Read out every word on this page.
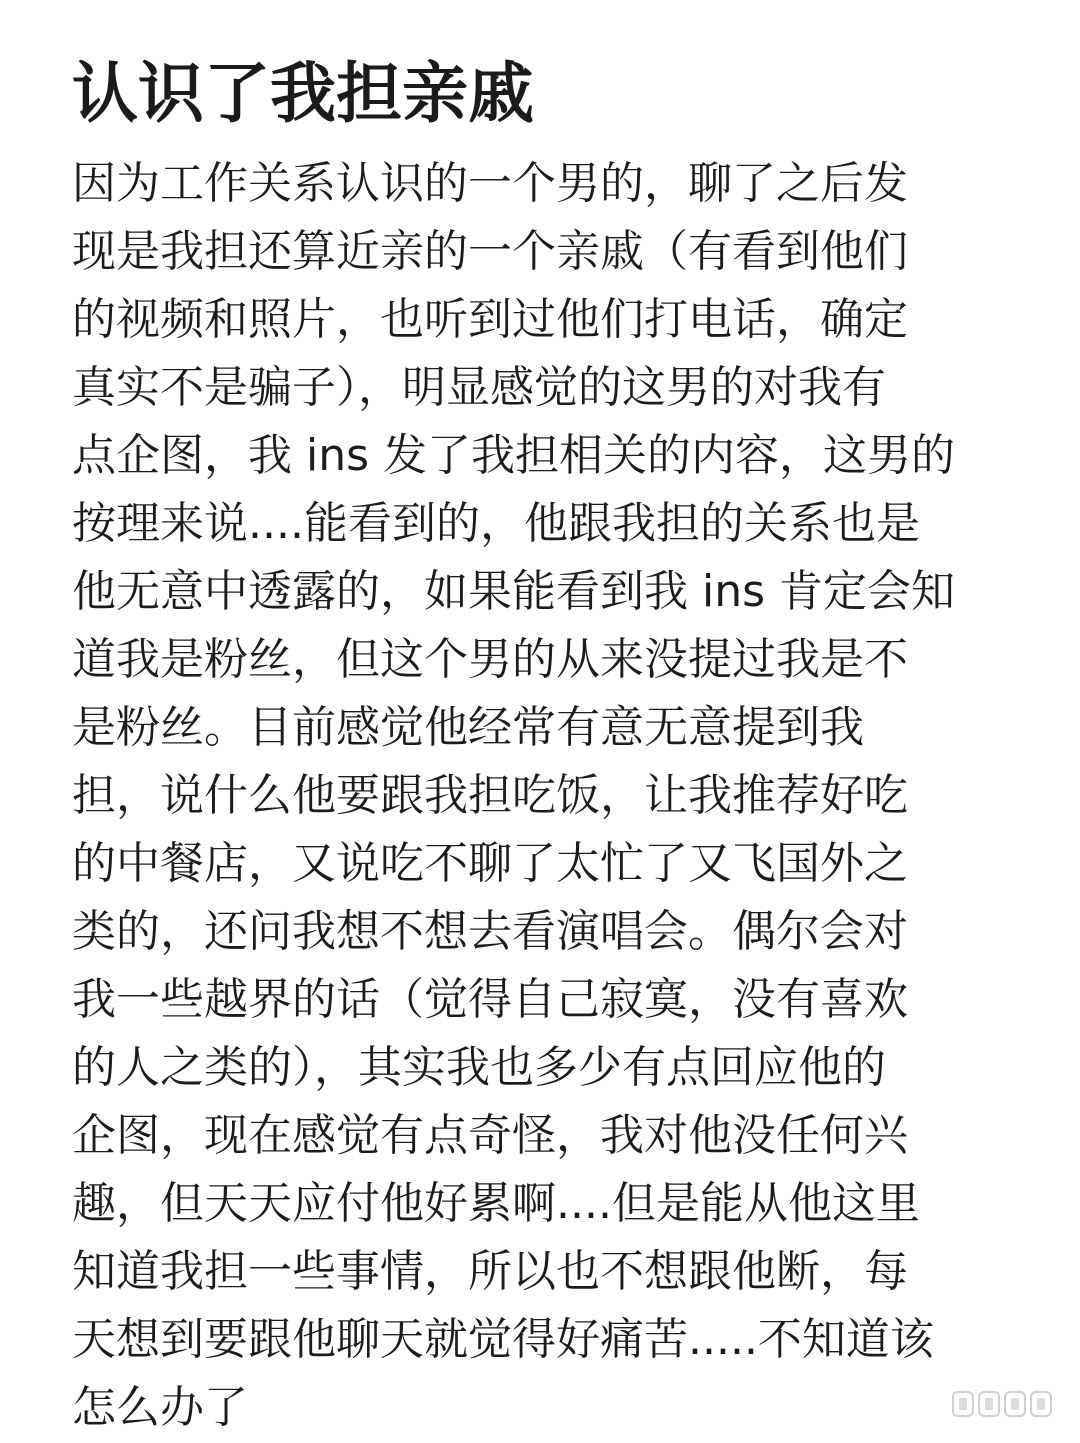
认识了我担亲戚
因为工作关系认识的一个男的，聊了之后发
现是我担还算近亲的一个亲戚（有看到他们
的视频和照片，也听到过他们打电话，确定
真实不是骗子），明显感觉的这男的对我有
点企图，我 ins 发了我担相关的内容，这男的
按理来说....能看到的，他跟我担的关系也是
他无意中透露的，如果能看到我 ins 肯定会知
道我是粉丝，但这个男的从来没提过我是不
是粉丝。目前感觉他经常有意无意提到我
担，说什么他要跟我担吃饭，让我推荐好吃
的中餐店，又说吃不聊了太忙了又飞国外之
类的，还问我想不想去看演唱会。偶尔会对
我一些越界的话（觉得自己寂寞，没有喜欢
的人之类的），其实我也多少有点回应他的
企图，现在感觉有点奇怪，我对他没任何兴
趣，但天天应付他好累啊....但是能从他这里
知道我担一些事情，所以也不想跟他断，每
天想到要跟他聊天就觉得好痛苦.....不知道该
怎么办了
